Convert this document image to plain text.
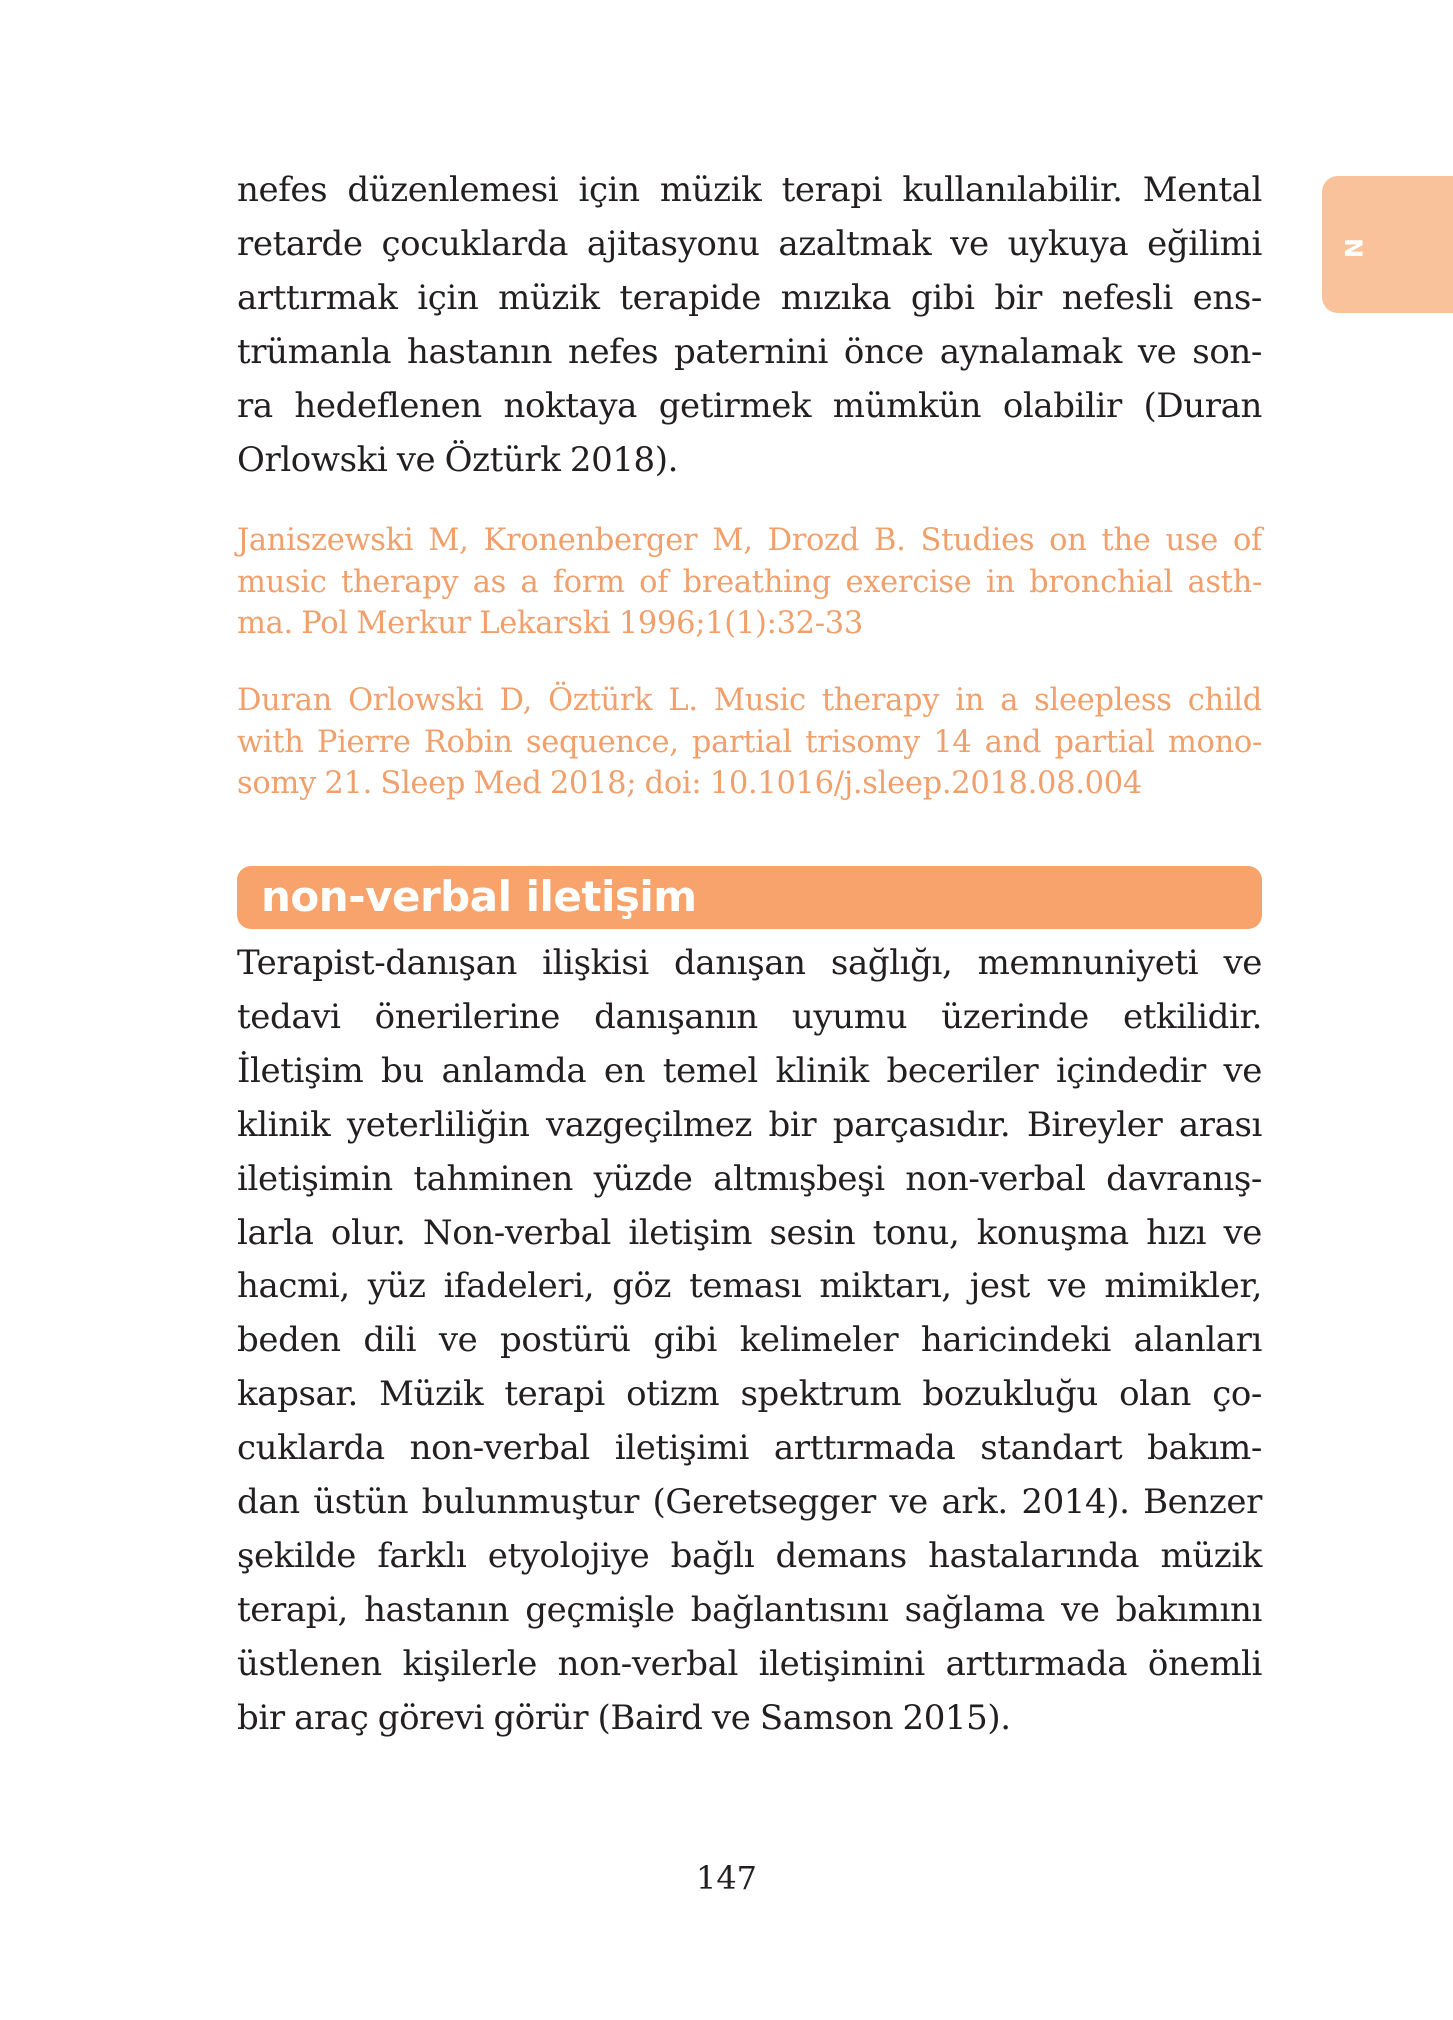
N

nefes düzenlemesi için müzik terapi kullanılabilir. Mental
retarde çocuklarda ajitasyonu azaltmak ve uykuya eğilimi
arttırmak için müzik terapide mızıka gibi bir nefesli ens-
trümanla hastanın nefes paternini önce aynalamak ve son-
ra hedeflenen noktaya getirmek mümkün olabilir (Duran
Orlowski ve Öztürk 2018).

Janiszewski M, Kronenberger M, Drozd B. Studies on the use of
music therapy as a form of breathing exercise in bronchial asth-
ma. Pol Merkur Lekarski 1996;1(1):32-33
Duran Orlowski D, Öztürk L. Music therapy in a sleepless child
with Pierre Robin sequence, partial trisomy 14 and partial mono-
somy 21. Sleep Med 2018; doi: 10.1016/j.sleep.2018.08.004
non-verbal iletişim

Terapist-danışan ilişkisi danışan sağlığı, memnuniyeti ve
tedavi önerilerine danışanın uyumu üzerinde etkilidir.
İletişim bu anlamda en temel klinik beceriler içindedir ve
klinik yeterliliğin vazgeçilmez bir parçasıdır. Bireyler arası
iletişimin tahminen yüzde altmışbeşi non-verbal davranış-
larla olur. Non-verbal iletişim sesin tonu, konuşma hızı ve
hacmi, yüz ifadeleri, göz teması miktarı, jest ve mimikler,
beden dili ve postürü gibi kelimeler haricindeki alanları
kapsar. Müzik terapi otizm spektrum bozukluğu olan ço-
cuklarda non-verbal iletişimi arttırmada standart bakım-
dan üstün bulunmuştur (Geretsegger ve ark. 2014). Benzer
şekilde farklı etyolojiye bağlı demans hastalarında müzik
terapi, hastanın geçmişle bağlantısını sağlama ve bakımını
üstlenen kişilerle non-verbal iletişimini arttırmada önemli
bir araç görevi görür (Baird ve Samson 2015).

147
